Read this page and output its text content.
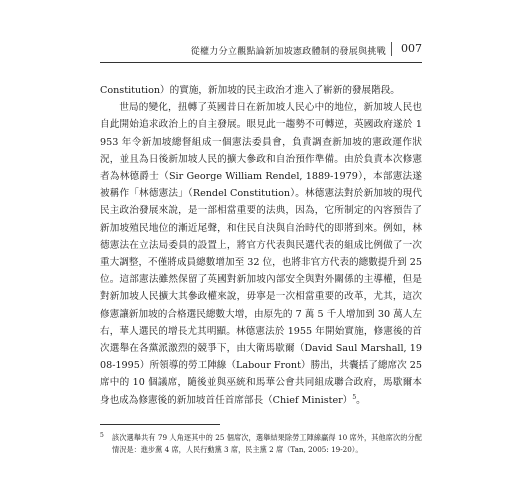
從權力分立觀點論新加坡憲政體制的發展與挑戰 007

Constitution）的實施，新加坡的民主政治才進入了嶄新的發展階段。

世局的變化，扭轉了英國昔日在新加坡人民心中的地位，新加坡人民也自此開始追求政治上的自主發展。眼見此一趨勢不可轉逆，英國政府遂於 1953 年令新加坡總督組成一個憲法委員會，負責調查新加坡的憲政運作狀況，並且為日後新加坡人民的擴大參政和自治預作準備。由於負責本次修憲者為林德爵士（Sir George William Rendel, 1889-1979），本部憲法遂被稱作「林德憲法」（Rendel Constitution）。林德憲法對於新加坡的現代民主政治發展來說，是一部相當重要的法典，因為，它所制定的內容預告了新加坡殖民地位的漸近尾聲，和住民自決與自治時代的即將到來。例如，林德憲法在立法局委員的設置上，將官方代表與民選代表的組成比例做了一次重大調整，不僅將成員總數增加至 32 位，也將非官方代表的總數提升到 25 位。這部憲法雖然保留了英國對新加坡內部安全與對外關係的主導權，但是對新加坡人民擴大其參政權來說，毋寧是一次相當重要的改革，尤其，這次修憲讓新加坡的合格選民總數大增，由原先的 7 萬 5 千人增加到 30 萬人左右，華人選民的增長尤其明顯。林德憲法於 1955 年開始實施，修憲後的首次選舉在各黨派激烈的競爭下，由大衛馬歇爾（David Saul Marshall, 1908-1995）所領導的勞工陣線（Labour Front）勝出，共囊括了總席次 25 席中的 10 個議席，隨後並與巫統和馬華公會共同組成聯合政府，馬歇爾本身也成為修憲後的新加坡首任首席部長（Chief Minister）$^5$。

5 該次選舉共有 79 人角逐其中的 25 個席次，選舉結果除勞工陣線贏得 10 席外，其他席次的分配情況是：進步黨 4 席，人民行動黨 3 席，民主黨 2 席（Tan, 2005: 19-20）。
